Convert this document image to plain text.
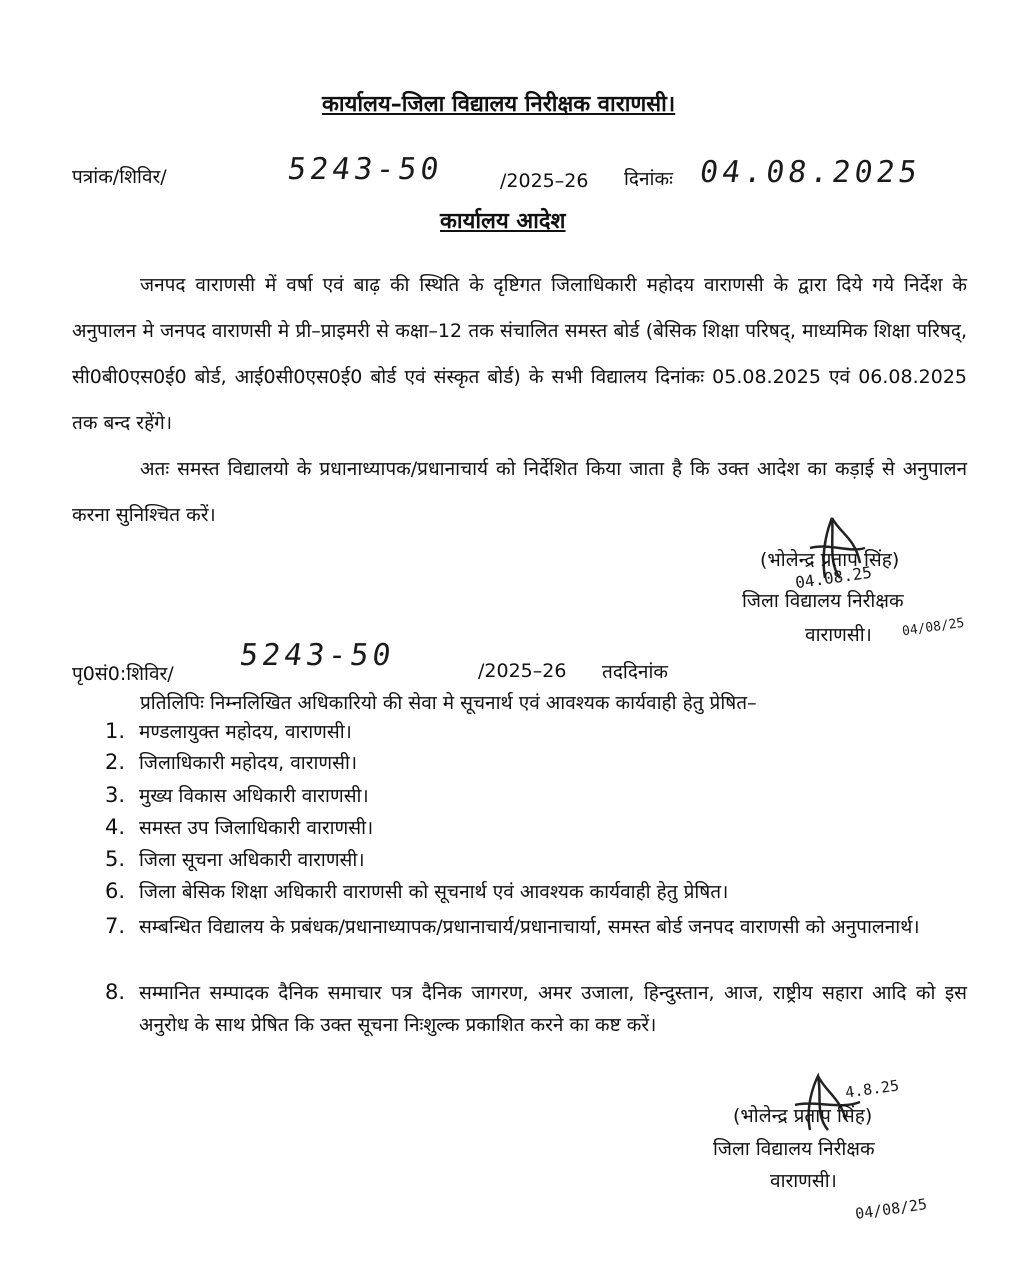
कार्यालय–जिला विद्यालय निरीक्षक वाराणसी।
पत्रांक/शिविर/	5243-50	/2025–26 दिनांकः 04.08.2025
कार्यालय आदेश
जनपद वाराणसी में वर्षा एवं बाढ़ की स्थिति के दृष्टिगत जिलाधिकारी महोदय वाराणसी के द्वारा दिये गये निर्देश के अनुपालन मे जनपद वाराणसी मे प्री–प्राइमरी से कक्षा–12 तक संचालित समस्त बोर्ड (बेसिक शिक्षा परिषद्, माध्यमिक शिक्षा परिषद्, सी0बी0एस0ई0 बोर्ड, आई0सी0एस0ई0 बोर्ड एवं संस्कृत बोर्ड) के सभी विद्यालय दिनांकः 05.08.2025 एवं 06.08.2025 तक बन्द रहेंगे।
अतः समस्त विद्यालयो के प्रधानाध्यापक/प्रधानाचार्य को निर्देशित किया जाता है कि उक्त आदेश का कड़ाई से अनुपालन करना सुनिश्चित करें।
(भोलेन्द्र प्रताप सिंह)
04.08.25
जिला विद्यालय निरीक्षक
वाराणसी। 04/08/25
पृ0सं0:शिविर/
5243-50	/2025–26 तददिनांक
प्रतिलिपिः निम्नलिखित अधिकारियो की सेवा मे सूचनार्थ एवं आवश्यक कार्यवाही हेतु प्रेषित–
1. मण्डलायुक्त महोदय, वाराणसी।
2. जिलाधिकारी महोदय, वाराणसी।
3. मुख्य विकास अधिकारी वाराणसी।
4. समस्त उप जिलाधिकारी वाराणसी।
5. जिला सूचना अधिकारी वाराणसी।
6. जिला बेसिक शिक्षा अधिकारी वाराणसी को सूचनार्थ एवं आवश्यक कार्यवाही हेतु प्रेषित।
7. सम्बन्धित विद्यालय के प्रबंधक/प्रधानाध्यापक/प्रधानाचार्य/प्रधानाचार्या, समस्त बोर्ड जनपद वाराणसी को अनुपालनार्थ।
8. सम्मानित सम्पादक दैनिक समाचार पत्र दैनिक जागरण, अमर उजाला, हिन्दुस्तान, आज, राष्ट्रीय सहारा आदि को इस अनुरोध के साथ प्रेषित कि उक्त सूचना निःशुल्क प्रकाशित करने का कष्ट करें।
4.8.25
(भोलेन्द्र प्रताप सिंह)
जिला विद्यालय निरीक्षक
वाराणसी।
04/08/25
